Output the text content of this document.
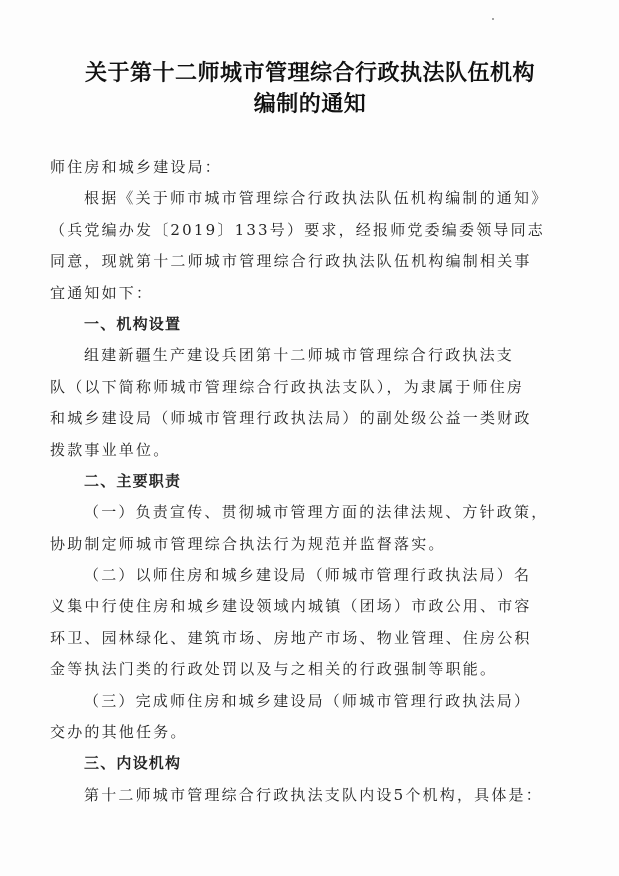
关于第十二师城市管理综合行政执法队伍机构
编制的通知
师住房和城乡建设局：
根据《关于师市城市管理综合行政执法队伍机构编制的通知》
（兵党编办发〔2019〕133号）要求，经报师党委编委领导同志
同意，现就第十二师城市管理综合行政执法队伍机构编制相关事
宜通知如下：
一、机构设置
组建新疆生产建设兵团第十二师城市管理综合行政执法支
队（以下简称师城市管理综合行政执法支队），为隶属于师住房
和城乡建设局（师城市管理行政执法局）的副处级公益一类财政
拨款事业单位。
二、主要职责
（一）负责宣传、贯彻城市管理方面的法律法规、方针政策，
协助制定师城市管理综合执法行为规范并监督落实。
（二）以师住房和城乡建设局（师城市管理行政执法局）名
义集中行使住房和城乡建设领域内城镇（团场）市政公用、市容
环卫、园林绿化、建筑市场、房地产市场、物业管理、住房公积
金等执法门类的行政处罚以及与之相关的行政强制等职能。
（三）完成师住房和城乡建设局（师城市管理行政执法局）
交办的其他任务。
三、内设机构
第十二师城市管理综合行政执法支队内设5个机构，具体是：
